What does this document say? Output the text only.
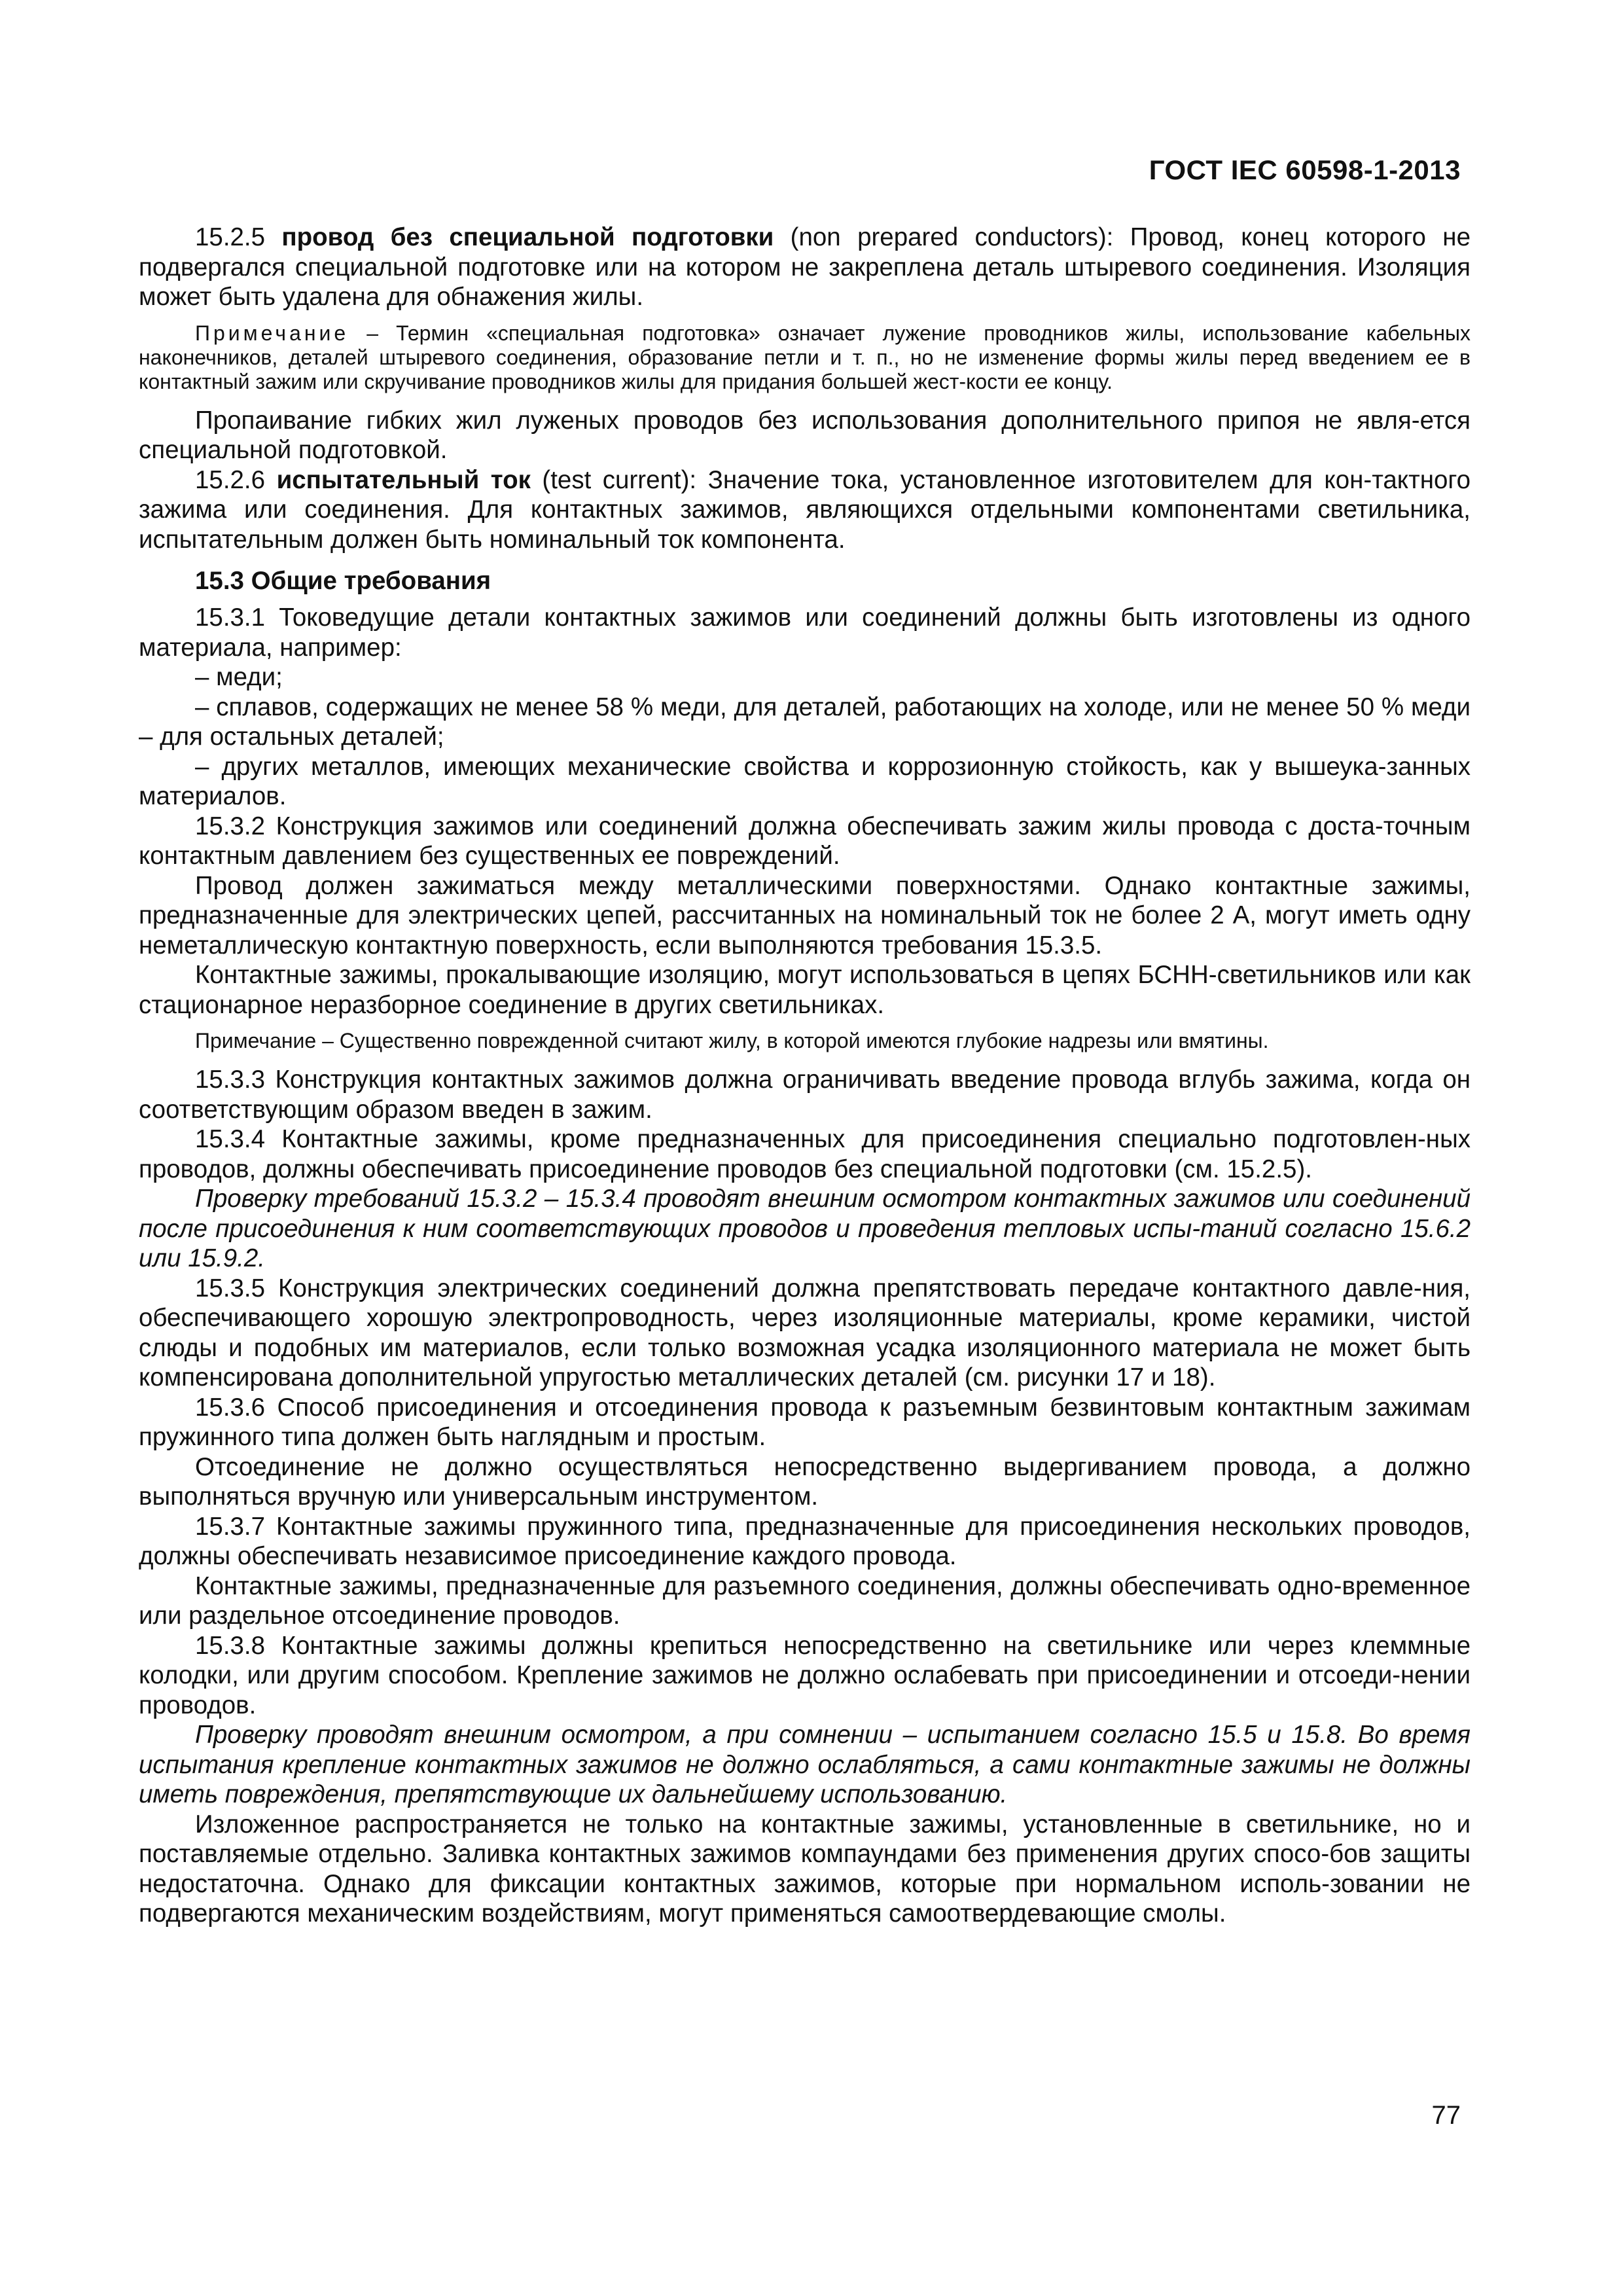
ГОСТ IEC 60598-1-2013

15.2.5 провод без специальной подготовки (non prepared conductors): Провод, конец которого не подвергался специальной подготовке или на котором не закреплена деталь штыревого соединения. Изоляция может быть удалена для обнажения жилы.

Примечание – Термин «специальная подготовка» означает лужение проводников жилы, использование кабельных наконечников, деталей штыревого соединения, образование петли и т. п., но не изменение формы жилы перед введением ее в контактный зажим или скручивание проводников жилы для придания большей жест-кости ее концу.

Пропаивание гибких жил луженых проводов без использования дополнительного припоя не явля-ется специальной подготовкой.

15.2.6 испытательный ток (test current): Значение тока, установленное изготовителем для кон-тактного зажима или соединения. Для контактных зажимов, являющихся отдельными компонентами светильника, испытательным должен быть номинальный ток компонента.

15.3 Общие требования

15.3.1 Токоведущие детали контактных зажимов или соединений должны быть изготовлены из одного материала, например:

– меди;

– сплавов, содержащих не менее 58 % меди, для деталей, работающих на холоде, или не менее 50 % меди – для остальных деталей;

– других металлов, имеющих механические свойства и коррозионную стойкость, как у вышеука-занных материалов.

15.3.2 Конструкция зажимов или соединений должна обеспечивать зажим жилы провода с доста-точным контактным давлением без существенных ее повреждений.

Провод должен зажиматься между металлическими поверхностями. Однако контактные зажимы, предназначенные для электрических цепей, рассчитанных на номинальный ток не более 2 А, могут иметь одну неметаллическую контактную поверхность, если выполняются требования 15.3.5.

Контактные зажимы, прокалывающие изоляцию, могут использоваться в цепях БСНН-светильников или как стационарное неразборное соединение в других светильниках.

Примечание – Существенно поврежденной считают жилу, в которой имеются глубокие надрезы или вмятины.

15.3.3 Конструкция контактных зажимов должна ограничивать введение провода вглубь зажима, когда он соответствующим образом введен в зажим.

15.3.4 Контактные зажимы, кроме предназначенных для присоединения специально подготовлен-ных проводов, должны обеспечивать присоединение проводов без специальной подготовки (см. 15.2.5).

Проверку требований 15.3.2 – 15.3.4 проводят внешним осмотром контактных зажимов или соединений после присоединения к ним соответствующих проводов и проведения тепловых испы-таний согласно 15.6.2 или 15.9.2.

15.3.5 Конструкция электрических соединений должна препятствовать передаче контактного давле-ния, обеспечивающего хорошую электропроводность, через изоляционные материалы, кроме керамики, чистой слюды и подобных им материалов, если только возможная усадка изоляционного материала не может быть компенсирована дополнительной упругостью металлических деталей (см. рисунки 17 и 18).

15.3.6 Способ присоединения и отсоединения провода к разъемным безвинтовым контактным зажимам пружинного типа должен быть наглядным и простым.

Отсоединение не должно осуществляться непосредственно выдергиванием провода, а должно выполняться вручную или универсальным инструментом.

15.3.7 Контактные зажимы пружинного типа, предназначенные для присоединения нескольких проводов, должны обеспечивать независимое присоединение каждого провода.

Контактные зажимы, предназначенные для разъемного соединения, должны обеспечивать одно-временное или раздельное отсоединение проводов.

15.3.8 Контактные зажимы должны крепиться непосредственно на светильнике или через клеммные колодки, или другим способом. Крепление зажимов не должно ослабевать при присоединении и отсоеди-нении проводов.

Проверку проводят внешним осмотром, а при сомнении – испытанием согласно 15.5 и 15.8. Во время испытания крепление контактных зажимов не должно ослабляться, а сами контактные зажимы не должны иметь повреждения, препятствующие их дальнейшему использованию.

Изложенное распространяется не только на контактные зажимы, установленные в светильнике, но и поставляемые отдельно. Заливка контактных зажимов компаундами без применения других спосо-бов защиты недостаточна. Однако для фиксации контактных зажимов, которые при нормальном исполь-зовании не подвергаются механическим воздействиям, могут применяться самоотвердевающие смолы.

77
